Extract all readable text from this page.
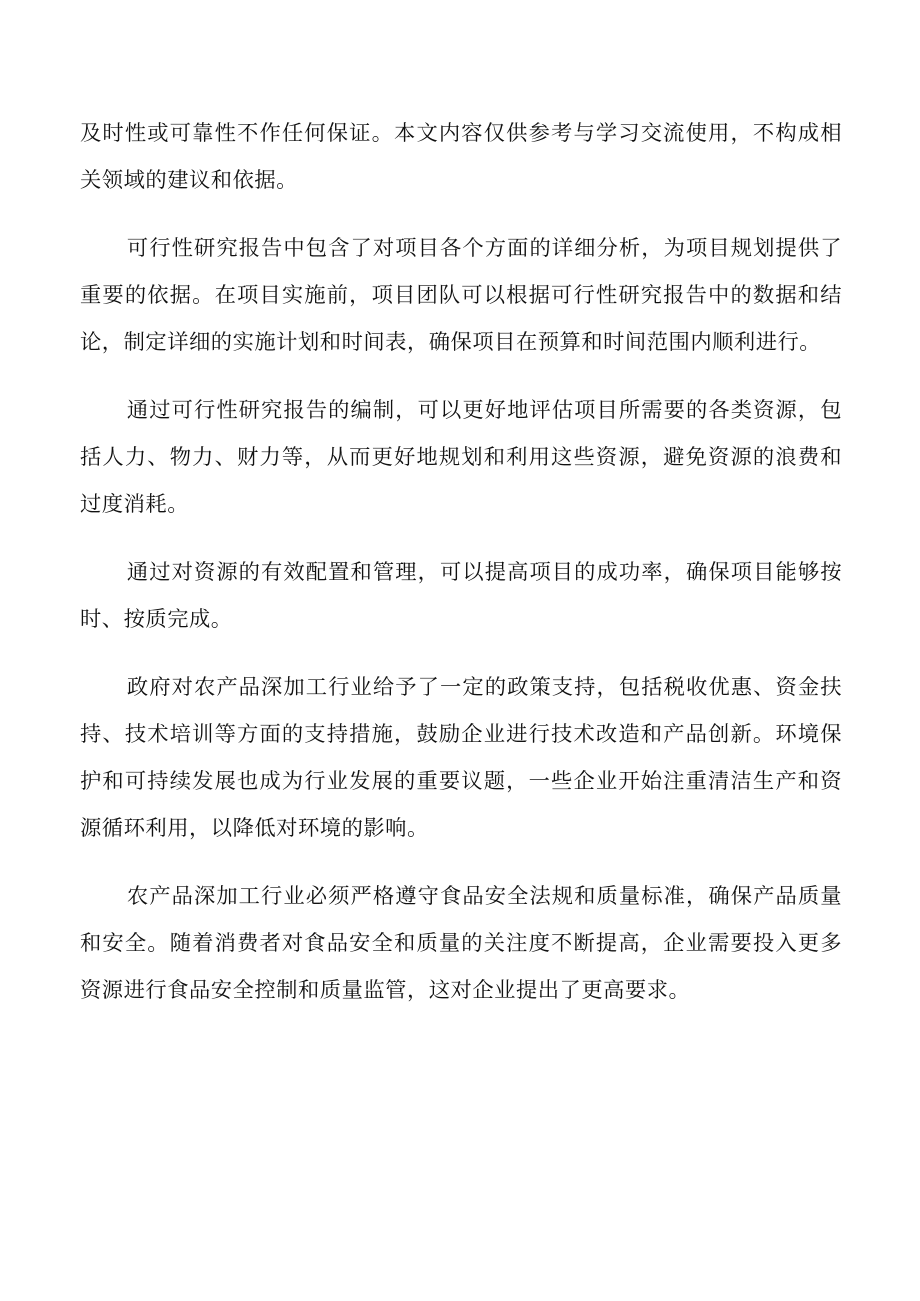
及时性或可靠性不作任何保证。本文内容仅供参考与学习交流使用，不构成相关领域的建议和依据。

可行性研究报告中包含了对项目各个方面的详细分析，为项目规划提供了重要的依据。在项目实施前，项目团队可以根据可行性研究报告中的数据和结论，制定详细的实施计划和时间表，确保项目在预算和时间范围内顺利进行。

通过可行性研究报告的编制，可以更好地评估项目所需要的各类资源，包括人力、物力、财力等，从而更好地规划和利用这些资源，避免资源的浪费和过度消耗。

通过对资源的有效配置和管理，可以提高项目的成功率，确保项目能够按时、按质完成。

政府对农产品深加工行业给予了一定的政策支持，包括税收优惠、资金扶持、技术培训等方面的支持措施，鼓励企业进行技术改造和产品创新。环境保护和可持续发展也成为行业发展的重要议题，一些企业开始注重清洁生产和资源循环利用，以降低对环境的影响。

农产品深加工行业必须严格遵守食品安全法规和质量标准，确保产品质量和安全。随着消费者对食品安全和质量的关注度不断提高，企业需要投入更多资源进行食品安全控制和质量监管，这对企业提出了更高要求。
